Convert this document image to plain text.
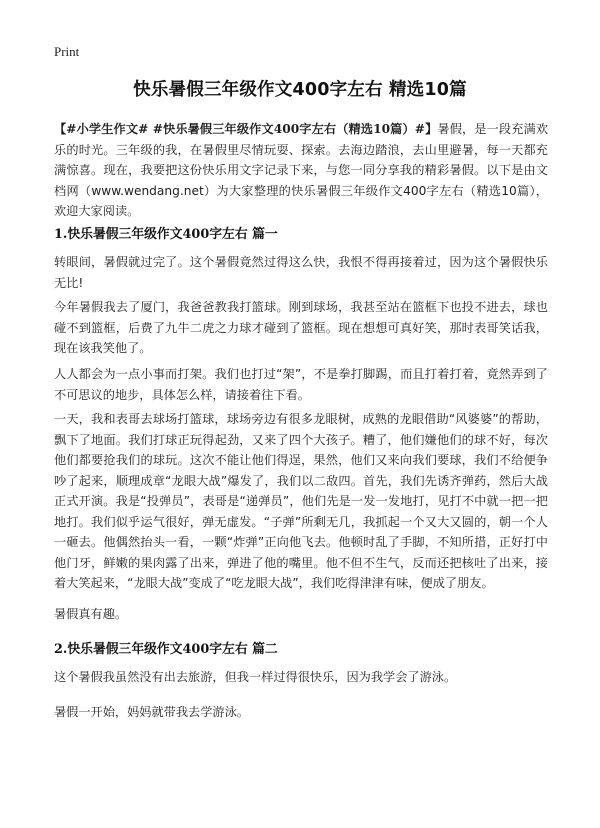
Print
快乐暑假三年级作文400字左右 精选10篇
【#小学生作文# #快乐暑假三年级作文400字左右（精选10篇）#】暑假，是一段充满欢乐的时光。三年级的我，在暑假里尽情玩耍、探索。去海边踏浪，去山里避暑，每一天都充满惊喜。现在，我要把这份快乐用文字记录下来，与您一同分享我的精彩暑假。以下是由文档网（www.wendang.net）为大家整理的快乐暑假三年级作文400字左右（精选10篇），欢迎大家阅读。
1.快乐暑假三年级作文400字左右 篇一
转眼间，暑假就过完了。这个暑假竟然过得这么快，我恨不得再接着过，因为这个暑假快乐无比!
今年暑假我去了厦门，我爸爸教我打篮球。刚到球场，我甚至站在篮框下也投不进去，球也碰不到篮框，后费了九牛二虎之力球才碰到了篮框。现在想想可真好笑，那时表哥笑话我，现在该我笑他了。
人人都会为一点小事而打架。我们也打过“架”，不是拳打脚踢，而且打着打着，竟然弄到了不可思议的地步，具体怎么样，请接着往下看。
一天，我和表哥去球场打篮球，球场旁边有很多龙眼树，成熟的龙眼借助“风婆婆”的帮助，飘下了地面。我们打球正玩得起劲，又来了四个大孩子。糟了，他们嫌他们的球不好，每次他们都要抢我们的球玩。这次不能让他们得逞，果然，他们又来向我们要球，我们不给便争吵了起来，顺理成章“龙眼大战”爆发了，我们以二敌四。首先，我们先诱齐弹药，然后大战正式开演。我是“投弹员”，表哥是“递弹员”，他们先是一发一发地打，见打不中就一把一把地打。我们似乎运气很好，弹无虚发。“子弹”所剩无几，我抓起一个又大又圆的，朝一个人一砸去。他偶然抬头一看，一颗“炸弹”正向他飞去。他顿时乱了手脚，不知所措，正好打中他门牙，鲜嫩的果肉露了出来，弹进了他的嘴里。他不但不生气，反而还把核吐了出来，接着大笑起来，“龙眼大战”变成了“吃龙眼大战”，我们吃得津津有味，便成了朋友。
暑假真有趣。
2.快乐暑假三年级作文400字左右 篇二
这个暑假我虽然没有出去旅游，但我一样过得很快乐，因为我学会了游泳。
暑假一开始，妈妈就带我去学游泳。
